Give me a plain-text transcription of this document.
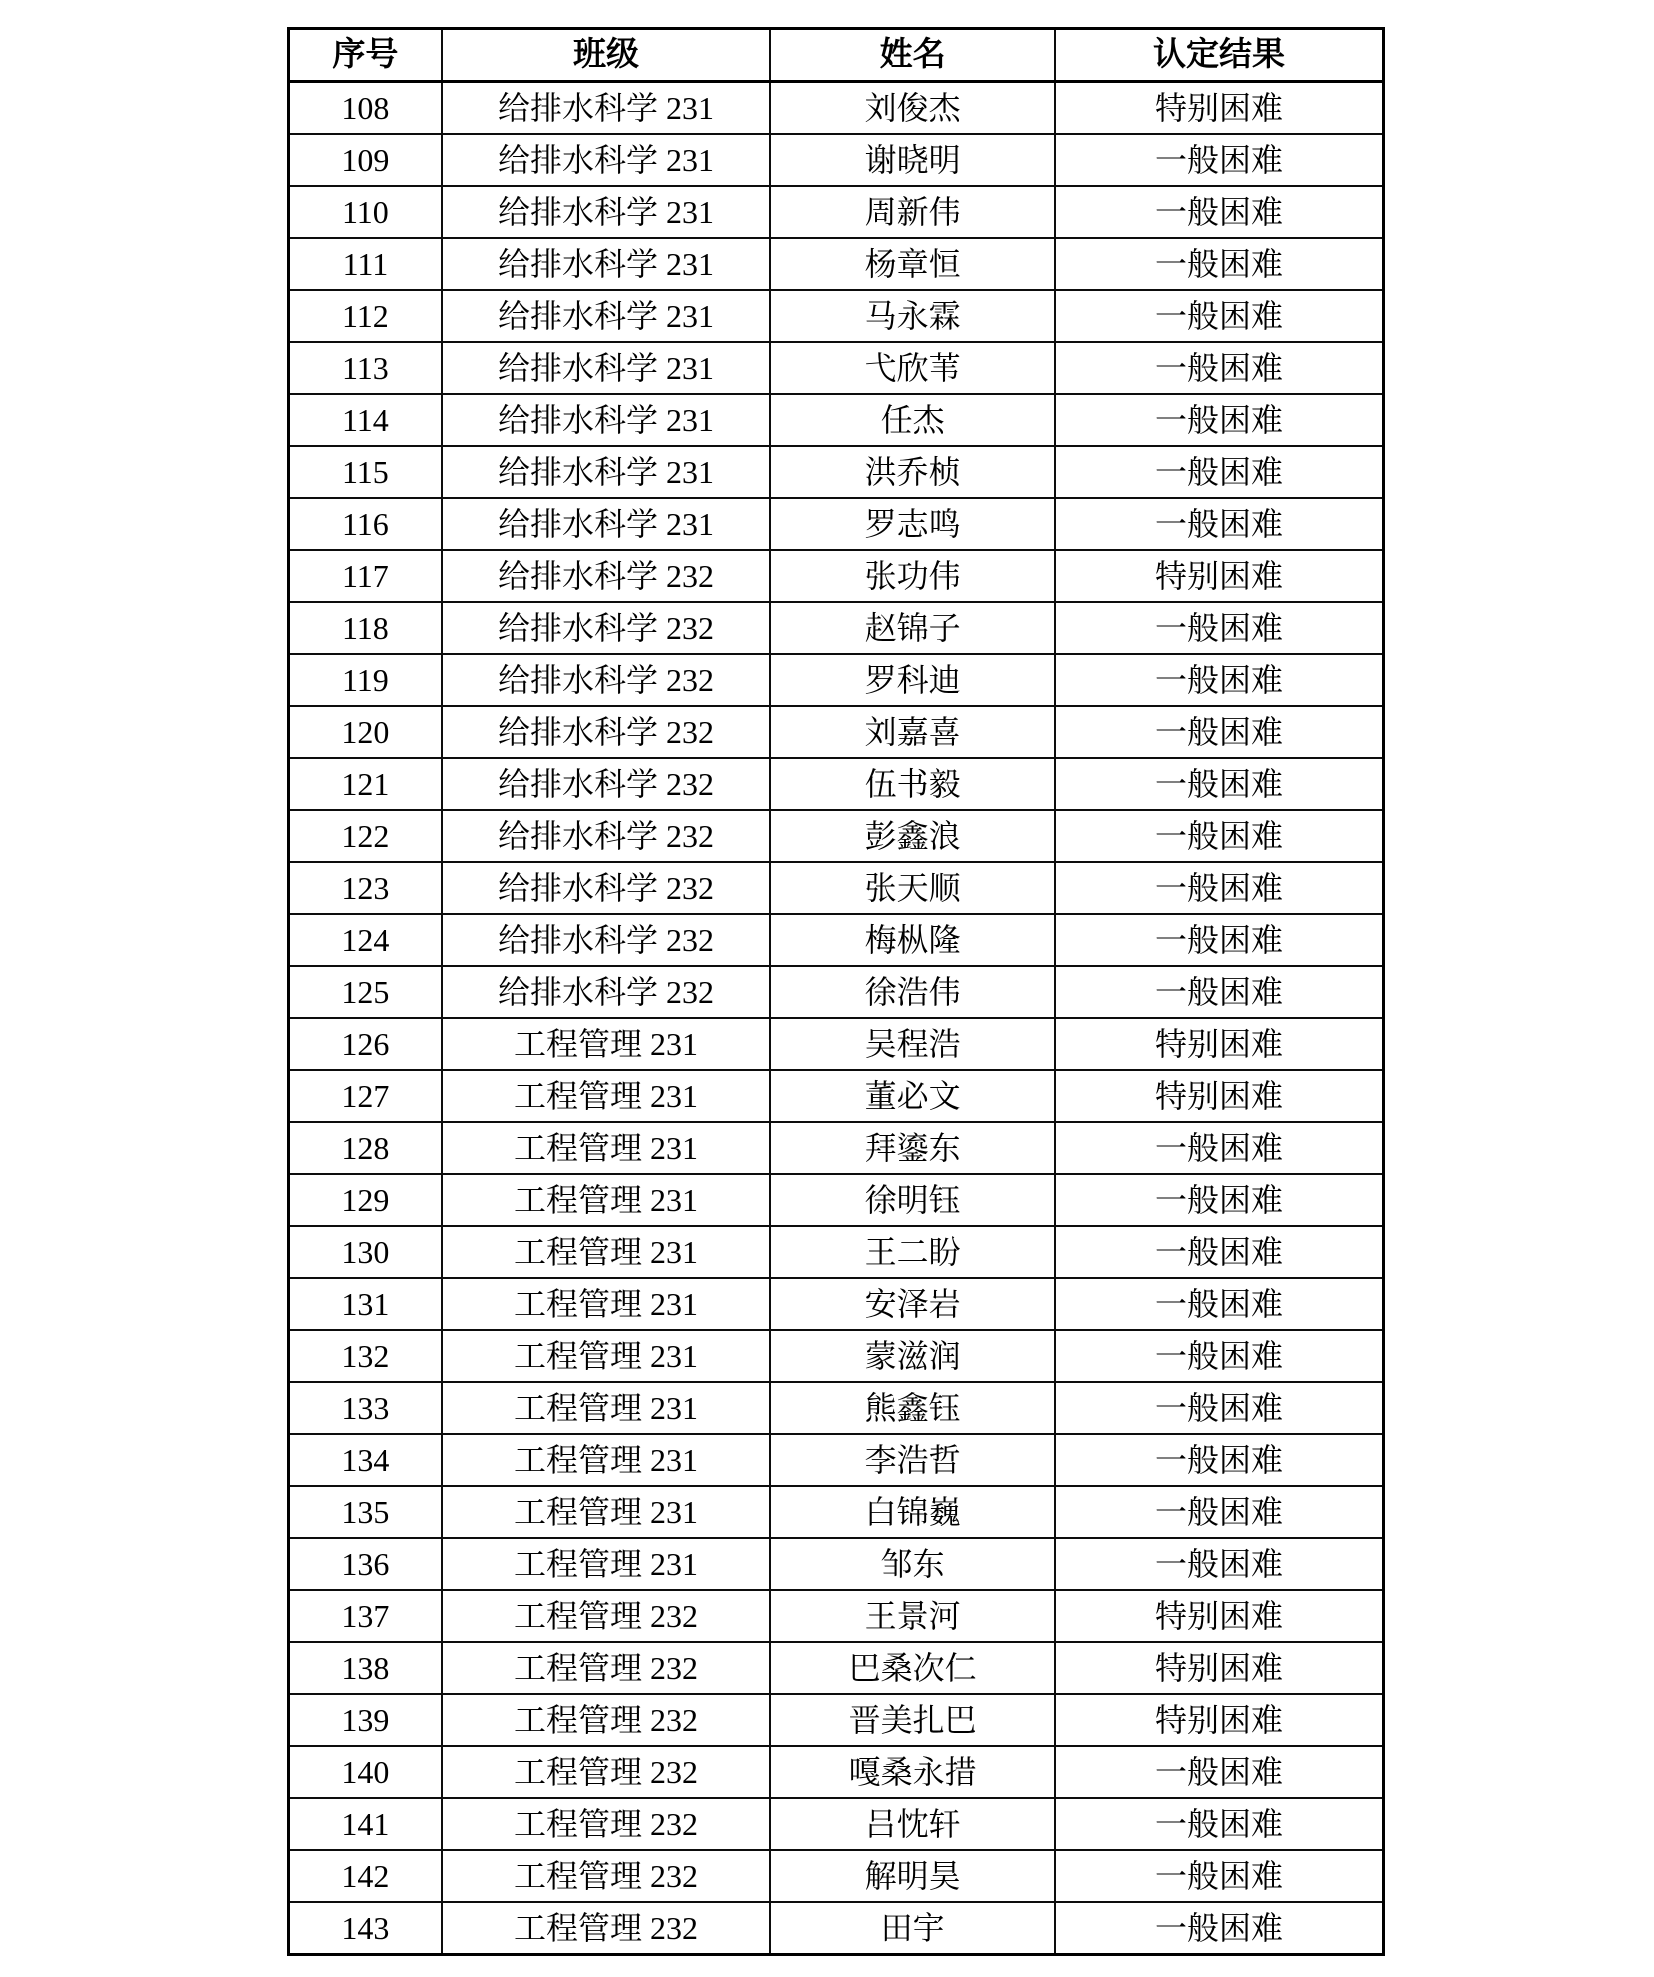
序号	班级	姓名	认定结果
108	给排水科学 231	刘俊杰	特别困难
109	给排水科学 231	谢晓明	一般困难
110	给排水科学 231	周新伟	一般困难
111	给排水科学 231	杨章恒	一般困难
112	给排水科学 231	马永霖	一般困难
113	给排水科学 231	弋欣苇	一般困难
114	给排水科学 231	任杰	一般困难
115	给排水科学 231	洪乔桢	一般困难
116	给排水科学 231	罗志鸣	一般困难
117	给排水科学 232	张功伟	特别困难
118	给排水科学 232	赵锦子	一般困难
119	给排水科学 232	罗科迪	一般困难
120	给排水科学 232	刘嘉喜	一般困难
121	给排水科学 232	伍书毅	一般困难
122	给排水科学 232	彭鑫浪	一般困难
123	给排水科学 232	张天顺	一般困难
124	给排水科学 232	梅枞隆	一般困难
125	给排水科学 232	徐浩伟	一般困难
126	工程管理 231	吴程浩	特别困难
127	工程管理 231	董必文	特别困难
128	工程管理 231	拜鎏东	一般困难
129	工程管理 231	徐明钰	一般困难
130	工程管理 231	王二盼	一般困难
131	工程管理 231	安泽岩	一般困难
132	工程管理 231	蒙滋润	一般困难
133	工程管理 231	熊鑫钰	一般困难
134	工程管理 231	李浩哲	一般困难
135	工程管理 231	白锦巍	一般困难
136	工程管理 231	邹东	一般困难
137	工程管理 232	王景河	特别困难
138	工程管理 232	巴桑次仁	特别困难
139	工程管理 232	晋美扎巴	特别困难
140	工程管理 232	嘎桑永措	一般困难
141	工程管理 232	吕忱轩	一般困难
142	工程管理 232	解明昊	一般困难
143	工程管理 232	田宇	一般困难
